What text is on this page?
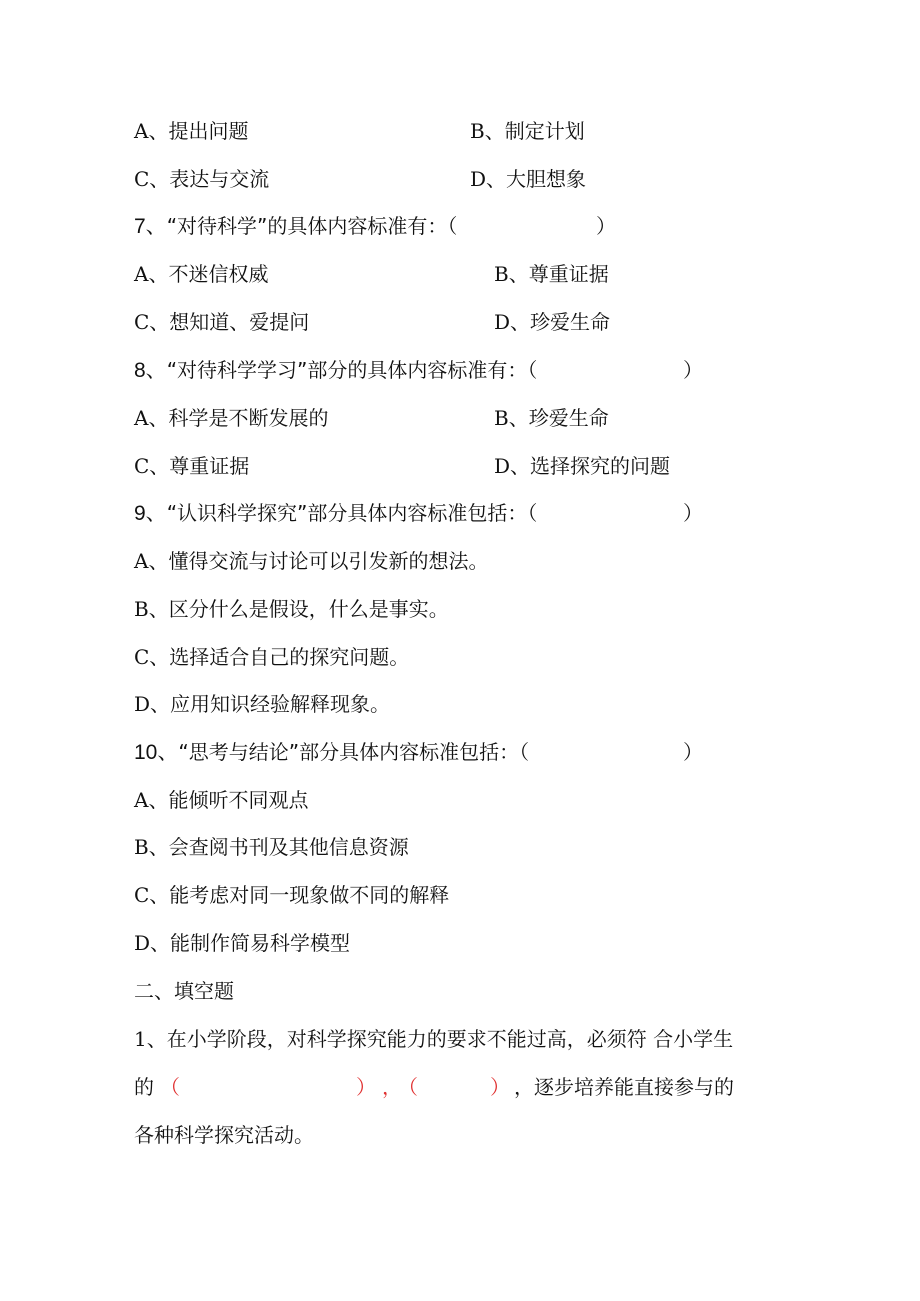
A、提出问题	B、制定计划
C、表达与交流	D、大胆想象
7、“对待科学”的具体内容标准有：（	）
A、不迷信权威	B、尊重证据
C、想知道、爱提问	D、珍爱生命
8、“对待科学学习”部分的具体内容标准有：（	）
A、科学是不断发展的	B、珍爱生命
C、尊重证据	D、选择探究的问题
9、“认识科学探究”部分具体内容标准包括：（	）
A、懂得交流与讨论可以引发新的想法。
B、区分什么是假设，什么是事实。
C、选择适合自己的探究问题。
D、应用知识经验解释现象。
10、“思考与结论”部分具体内容标准包括：（	）
A、能倾听不同观点
B、会查阅书刊及其他信息资源
C、能考虑对同一现象做不同的解释
D、能制作简易科学模型
二、填空题
1、在小学阶段，对科学探究能力的要求不能过高，必须符 合小学生
的 （	） ，
（	） ，逐步培养能直接参与的
各种科学探究活动。
